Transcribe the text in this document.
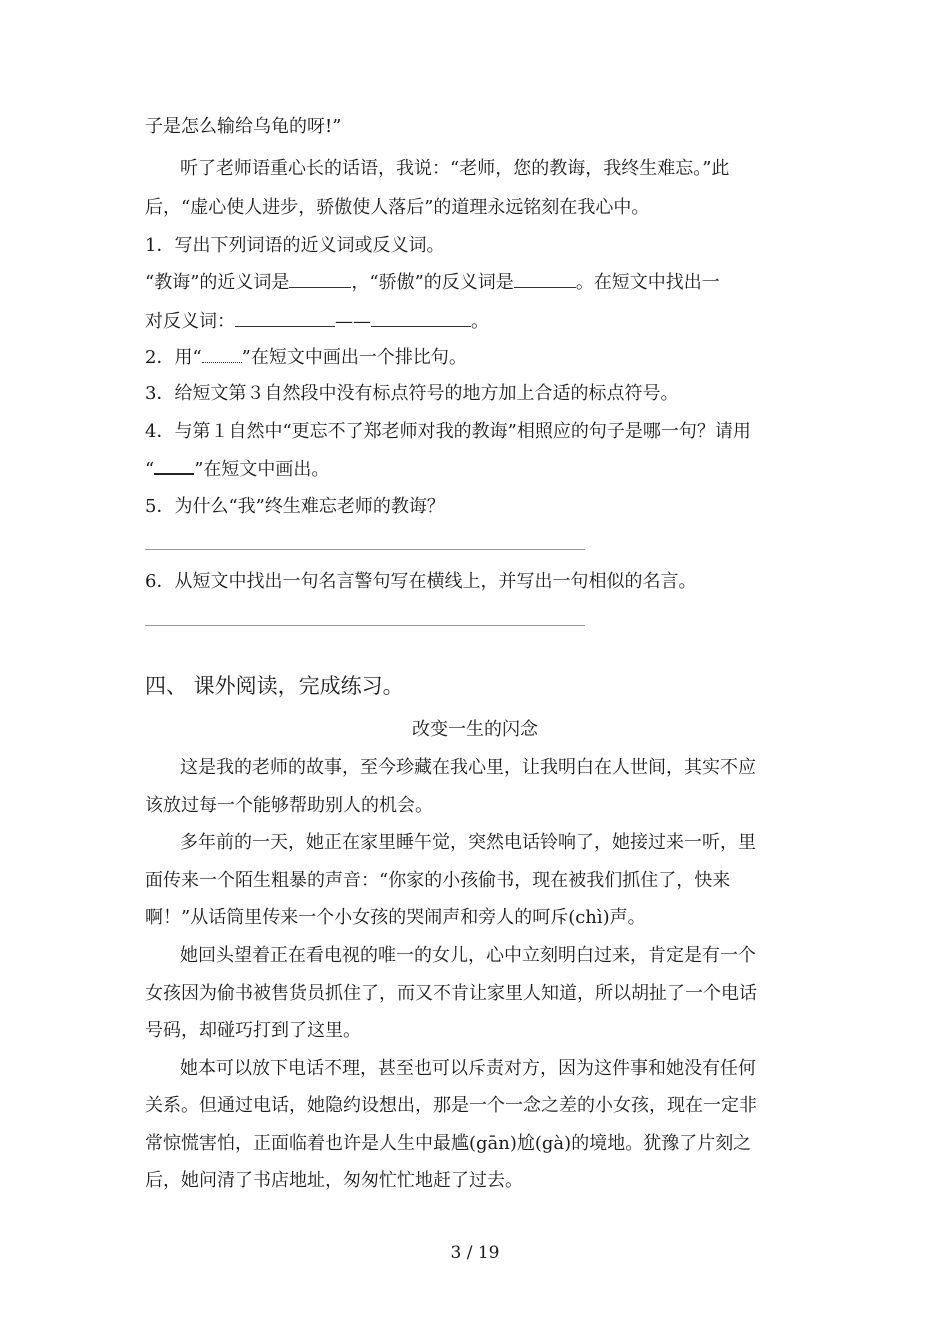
子是怎么输给乌龟的呀!”
听了老师语重心长的话语，我说：“老师，您的教诲，我终生难忘。”此
后，“虚心使人进步，骄傲使人落后”的道理永远铭刻在我心中。
1．写出下列词语的近义词或反义词。
“教诲”的近义词是	，“骄傲”的反义词是	。在短文中找出一
对反义词：	——	。
2．用“ ”在短文中画出一个排比句。
3．给短文第３自然段中没有标点符号的地方加上合适的标点符号。
4．与第１自然中“更忘不了郑老师对我的教诲”相照应的句子是哪一句？请用
“ ”在短文中画出。
5．为什么“我”终生难忘老师的教诲？
6．从短文中找出一句名言警句写在横线上，并写出一句相似的名言。
四、 课外阅读，完成练习。
改变一生的闪念
这是我的老师的故事，至今珍藏在我心里，让我明白在人世间，其实不应
该放过每一个能够帮助别人的机会。
多年前的一天，她正在家里睡午觉，突然电话铃响了，她接过来一听，里
面传来一个陌生粗暴的声音：“你家的小孩偷书，现在被我们抓住了，快来
啊！”从话筒里传来一个小女孩的哭闹声和旁人的呵斥(chì)声。
她回头望着正在看电视的唯一的女儿，心中立刻明白过来，肯定是有一个
女孩因为偷书被售货员抓住了，而又不肯让家里人知道，所以胡扯了一个电话
号码，却碰巧打到了这里。
她本可以放下电话不理，甚至也可以斥责对方，因为这件事和她没有任何
关系。但通过电话，她隐约设想出，那是一个一念之差的小女孩，现在一定非
常惊慌害怕，正面临着也许是人生中最尴(gān)尬(gà)的境地。犹豫了片刻之
后，她问清了书店地址，匆匆忙忙地赶了过去。
3 / 19
